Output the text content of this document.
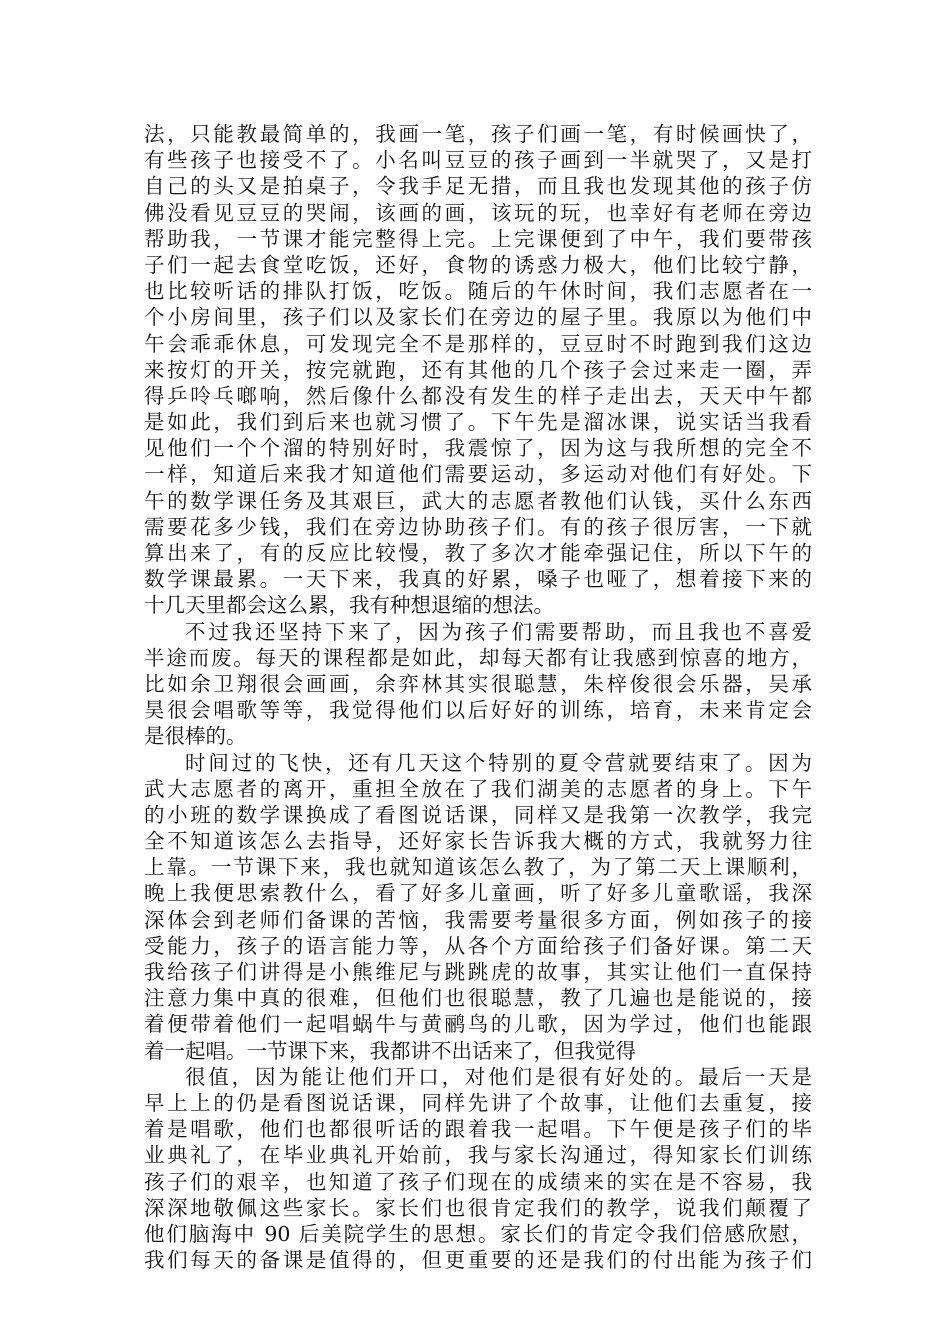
法，只能教最简单的，我画一笔，孩子们画一笔，有时候画快了，
有些孩子也接受不了。小名叫豆豆的孩子画到一半就哭了，又是打
自己的头又是拍桌子，令我手足无措，而且我也发现其他的孩子仿
佛没看见豆豆的哭闹，该画的画，该玩的玩，也幸好有老师在旁边
帮助我，一节课才能完整得上完。上完课便到了中午，我们要带孩
子们一起去食堂吃饭，还好，食物的诱惑力极大，他们比较宁静，
也比较听话的排队打饭，吃饭。随后的午休时间，我们志愿者在一
个小房间里，孩子们以及家长们在旁边的屋子里。我原以为他们中
午会乖乖休息，可发现完全不是那样的，豆豆时不时跑到我们这边
来按灯的开关，按完就跑，还有其他的几个孩子会过来走一圈，弄
得乒呤乓啷响，然后像什么都没有发生的样子走出去，天天中午都
是如此，我们到后来也就习惯了。下午先是溜冰课，说实话当我看
见他们一个个溜的特别好时，我震惊了，因为这与我所想的完全不
一样，知道后来我才知道他们需要运动，多运动对他们有好处。下
午的数学课任务及其艰巨，武大的志愿者教他们认钱，买什么东西
需要花多少钱，我们在旁边协助孩子们。有的孩子很厉害，一下就
算出来了，有的反应比较慢，教了多次才能牵强记住，所以下午的
数学课最累。一天下来，我真的好累，嗓子也哑了，想着接下来的
十几天里都会这么累，我有种想退缩的想法。
不过我还坚持下来了，因为孩子们需要帮助，而且我也不喜爱
半途而废。每天的课程都是如此，却每天都有让我感到惊喜的地方，
比如余卫翔很会画画，余弈林其实很聪慧，朱梓俊很会乐器，吴承
昊很会唱歌等等，我觉得他们以后好好的训练，培育，未来肯定会
是很棒的。
时间过的飞快，还有几天这个特别的夏令营就要结束了。因为
武大志愿者的离开，重担全放在了我们湖美的志愿者的身上。下午
的小班的数学课换成了看图说话课，同样又是我第一次教学，我完
全不知道该怎么去指导，还好家长告诉我大概的方式，我就努力往
上靠。一节课下来，我也就知道该怎么教了，为了第二天上课顺利，
晚上我便思索教什么，看了好多儿童画，听了好多儿童歌谣，我深
深体会到老师们备课的苦恼，我需要考量很多方面，例如孩子的接
受能力，孩子的语言能力等，从各个方面给孩子们备好课。第二天
我给孩子们讲得是小熊维尼与跳跳虎的故事，其实让他们一直保持
注意力集中真的很难，但他们也很聪慧，教了几遍也是能说的，接
着便带着他们一起唱蜗牛与黄鹂鸟的儿歌，因为学过，他们也能跟
着一起唱。一节课下来，我都讲不出话来了，但我觉得
很值，因为能让他们开口，对他们是很有好处的。最后一天是
早上上的仍是看图说话课，同样先讲了个故事，让他们去重复，接
着是唱歌，他们也都很听话的跟着我一起唱。下午便是孩子们的毕
业典礼了，在毕业典礼开始前，我与家长沟通过，得知家长们训练
孩子们的艰辛，也知道了孩子们现在的成绩来的实在是不容易，我
深深地敬佩这些家长。家长们也很肯定我们的教学，说我们颠覆了
他们脑海中 90 后美院学生的思想。家长们的肯定令我们倍感欣慰，
我们每天的备课是值得的，但更重要的还是我们的付出能为孩子们
